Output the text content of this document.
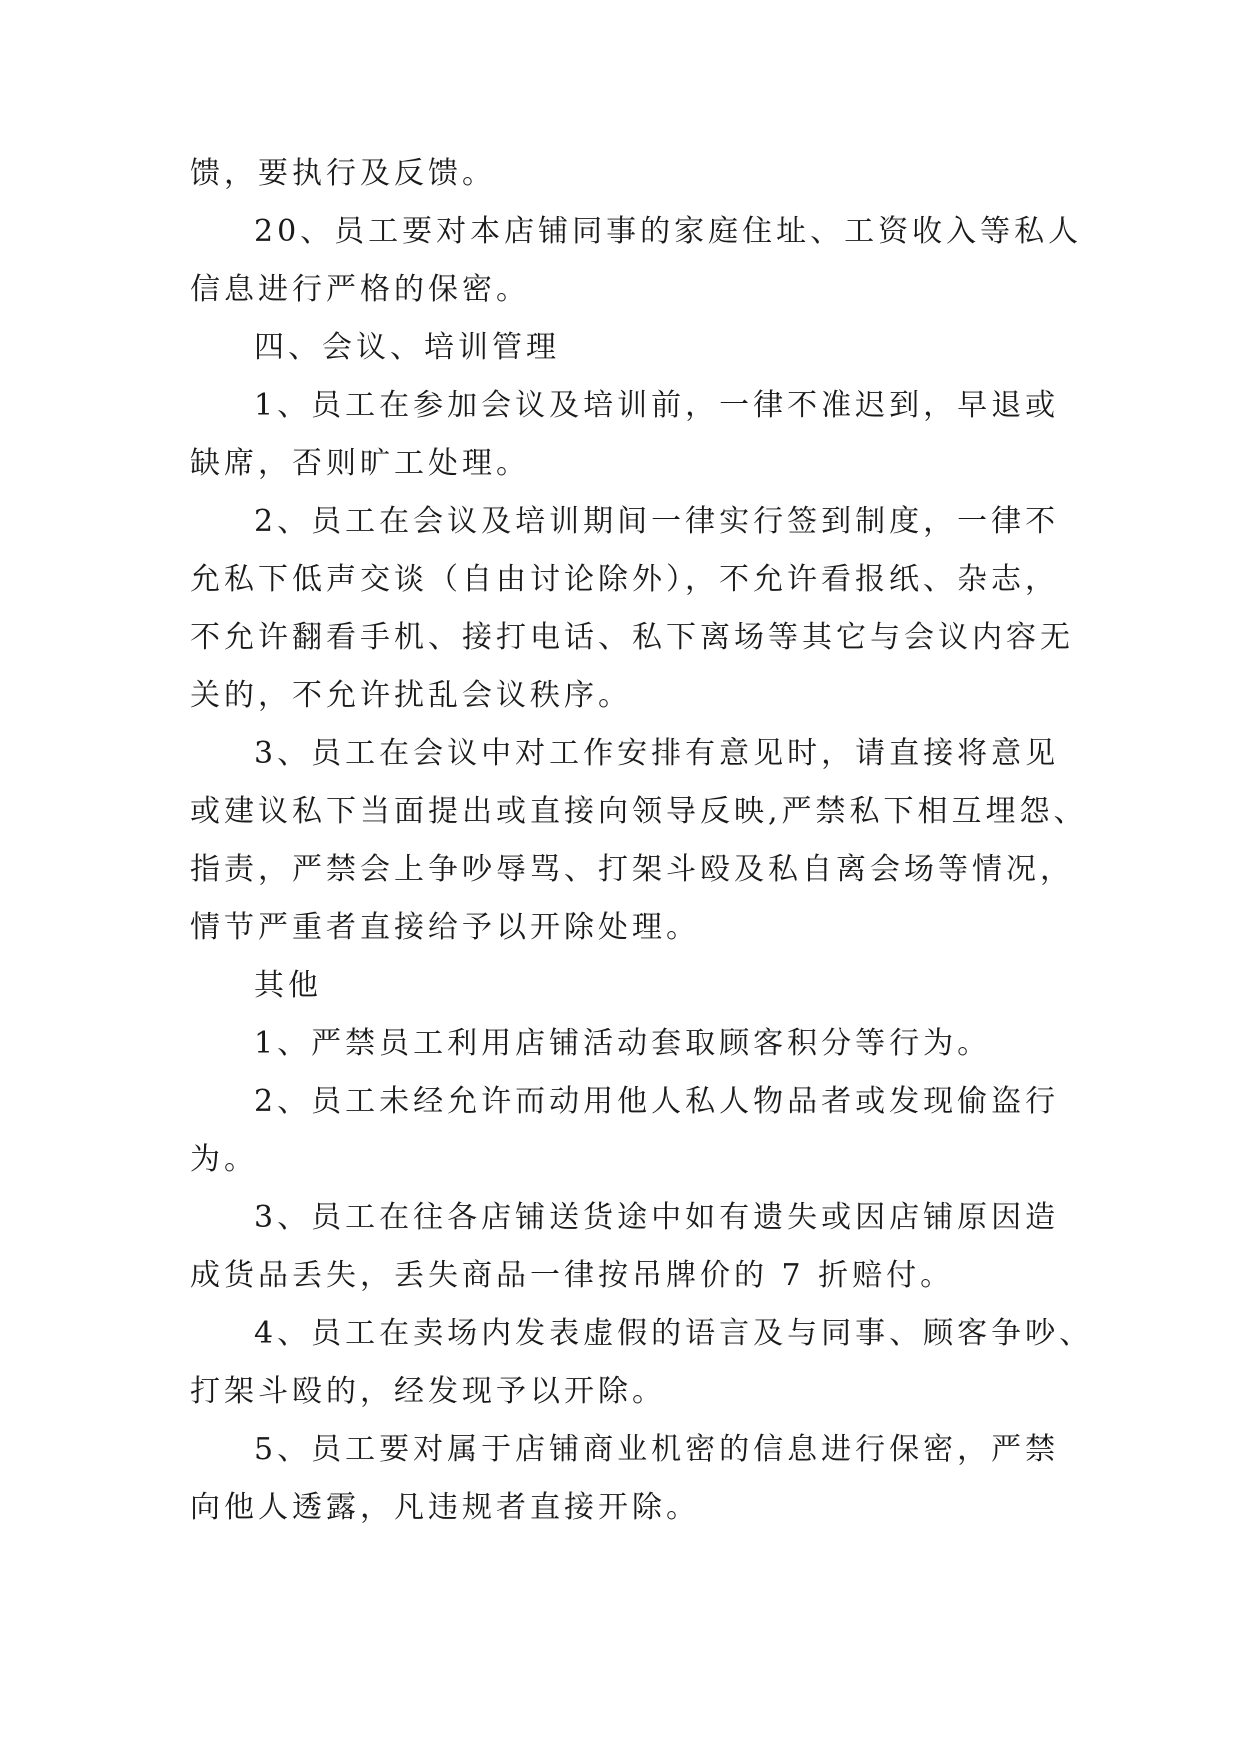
馈，要执行及反馈。
20、员工要对本店铺同事的家庭住址、工资收入等私人
信息进行严格的保密。
四、会议、培训管理
1、员工在参加会议及培训前，一律不准迟到，早退或
缺席，否则旷工处理。
2、员工在会议及培训期间一律实行签到制度，一律不
允私下低声交谈（自由讨论除外），不允许看报纸、杂志，
不允许翻看手机、接打电话、私下离场等其它与会议内容无
关的，不允许扰乱会议秩序。
3、员工在会议中对工作安排有意见时，请直接将意见
或建议私下当面提出或直接向领导反映,严禁私下相互埋怨、
指责，严禁会上争吵辱骂、打架斗殴及私自离会场等情况，
情节严重者直接给予以开除处理。
其他
1、严禁员工利用店铺活动套取顾客积分等行为。
2、员工未经允许而动用他人私人物品者或发现偷盗行
为。
3、员工在往各店铺送货途中如有遗失或因店铺原因造
成货品丢失，丢失商品一律按吊牌价的 7 折赔付。
4、员工在卖场内发表虚假的语言及与同事、顾客争吵、
打架斗殴的，经发现予以开除。
5、员工要对属于店铺商业机密的信息进行保密，严禁
向他人透露，凡违规者直接开除。
